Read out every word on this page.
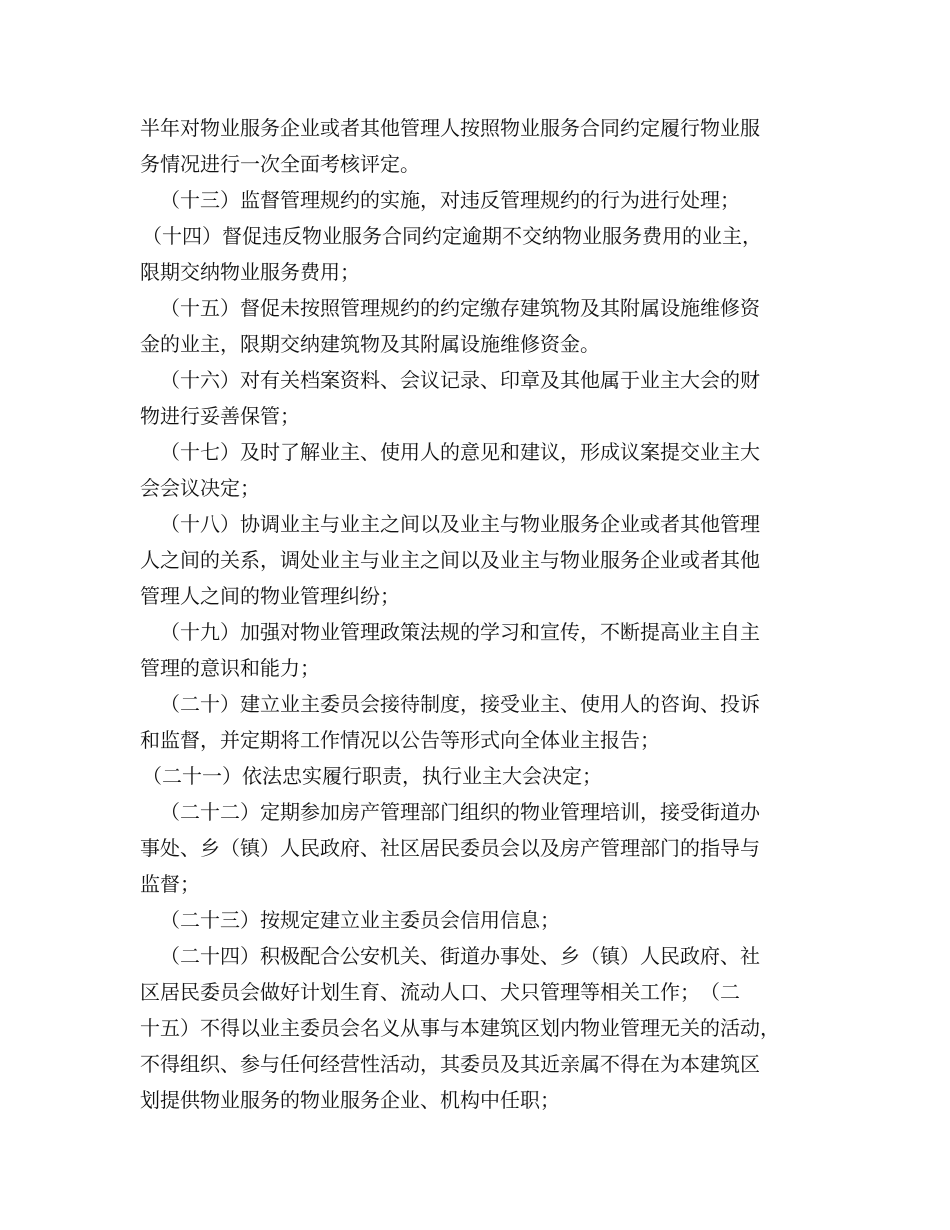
半年对物业服务企业或者其他管理人按照物业服务合同约定履行物业服
务情况进行一次全面考核评定。
（十三）监督管理规约的实施，对违反管理规约的行为进行处理；
（十四）督促违反物业服务合同约定逾期不交纳物业服务费用的业主，
限期交纳物业服务费用；
（十五）督促未按照管理规约的约定缴存建筑物及其附属设施维修资
金的业主，限期交纳建筑物及其附属设施维修资金。
（十六）对有关档案资料、会议记录、印章及其他属于业主大会的财
物进行妥善保管；
（十七）及时了解业主、使用人的意见和建议，形成议案提交业主大
会会议决定；
（十八）协调业主与业主之间以及业主与物业服务企业或者其他管理
人之间的关系，调处业主与业主之间以及业主与物业服务企业或者其他
管理人之间的物业管理纠纷；
（十九）加强对物业管理政策法规的学习和宣传，不断提高业主自主
管理的意识和能力；
（二十）建立业主委员会接待制度，接受业主、使用人的咨询、投诉
和监督，并定期将工作情况以公告等形式向全体业主报告；
（二十一）依法忠实履行职责，执行业主大会决定；
（二十二）定期参加房产管理部门组织的物业管理培训，接受街道办
事处、乡（镇）人民政府、社区居民委员会以及房产管理部门的指导与
监督；
（二十三）按规定建立业主委员会信用信息；
（二十四）积极配合公安机关、街道办事处、乡（镇）人民政府、社
区居民委员会做好计划生育、流动人口、犬只管理等相关工作；　（二
十五）不得以业主委员会名义从事与本建筑区划内物业管理无关的活动，
不得组织、参与任何经营性活动，其委员及其近亲属不得在为本建筑区
划提供物业服务的物业服务企业、机构中任职；
